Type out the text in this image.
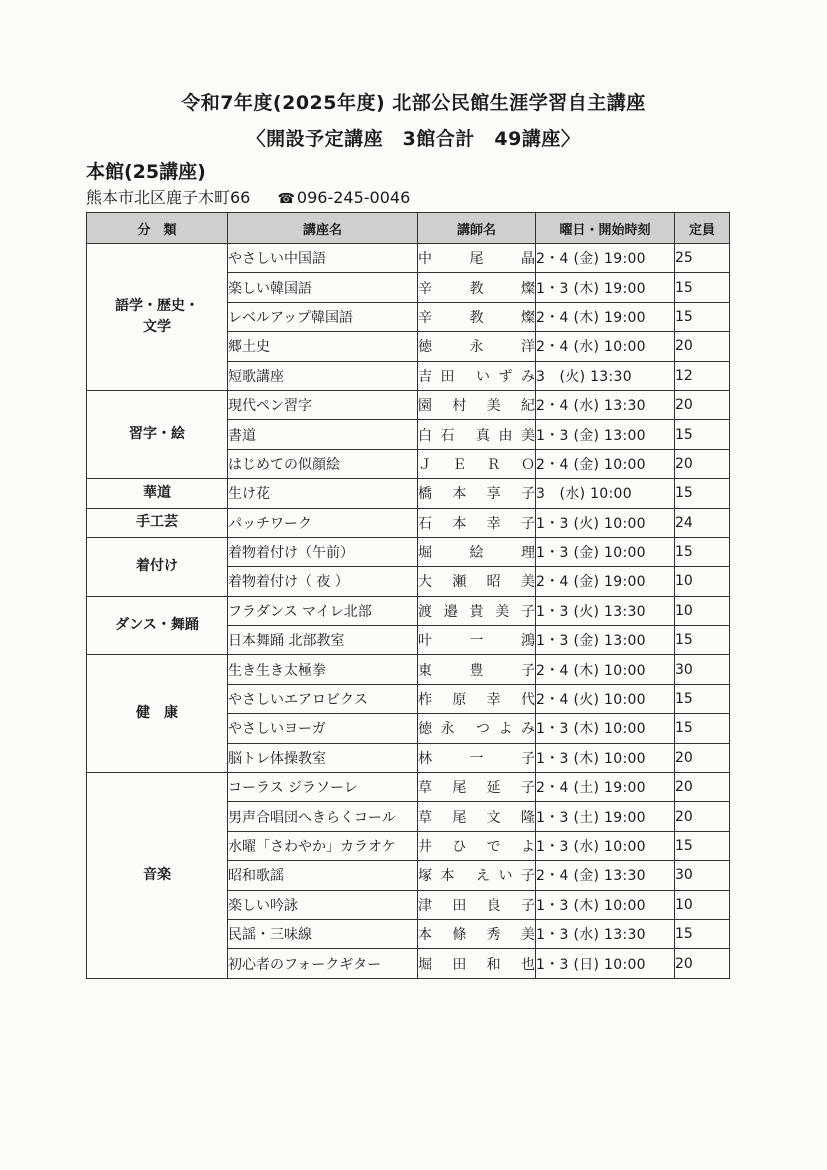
令和7年度(2025年度) 北部公民館生涯学習自主講座
〈開設予定講座　3館合計　49講座〉
本館(25講座)
熊本市北区鹿子木町66 ☎ 096-245-0046
分　類	講座名	講師名	曜日・開始時刻	定員
語学・歴史・
文学	やさしい中国語	中尾晶	2・4 (金) 19:00	25
	楽しい韓国語	辛教燦	1・3 (木) 19:00	15
	レベルアップ韓国語	辛教燦	2・4 (木) 19:00	15
	郷土史	徳永洋	2・4 (水) 10:00	20
	短歌講座	吉田 いずみ	3　(火) 13:30	12
習字・絵	現代ペン習字	園村美紀	2・4 (水) 13:30	20
	書道	白石 真由美	1・3 (金) 13:00	15
	はじめての似顔絵	ＪＥＲＯ	2・4 (金) 10:00	20
華道	生け花	橋本享子	3　(水) 10:00	15
手工芸	パッチワーク	石本幸子	1・3 (火) 10:00	24
着付け	着物着付け（午前）	堀絵理	1・3 (金) 10:00	15
	着物着付け（ 夜 ）	大瀬昭美	2・4 (金) 19:00	10
ダンス・舞踊	フラダンス マイレ北部	渡邉貴美子	1・3 (火) 13:30	10
	日本舞踊 北部教室	叶一鴻	1・3 (金) 13:00	15
健　康	生き生き太極拳	東豊子	2・4 (木) 10:00	30
	やさしいエアロビクス	柞原幸代	2・4 (火) 10:00	15
	やさしいヨーガ	徳永 つよみ	1・3 (木) 10:00	15
	脳トレ体操教室	林一子	1・3 (木) 10:00	20
音楽	コーラス ジラソーレ	草尾延子	2・4 (土) 19:00	20
	男声合唱団へきらくコール	草尾文隆	1・3 (土) 19:00	20
	水曜「さわやか」カラオケ	井ひでよ	1・3 (水) 10:00	15
	昭和歌謡	塚本 えい子	2・4 (金) 13:30	30
	楽しい吟詠	津田良子	1・3 (木) 10:00	10
	民謡・三味線	本條秀美	1・3 (水) 13:30	15
	初心者のフォークギター	堀田和也	1・3 (日) 10:00	20
